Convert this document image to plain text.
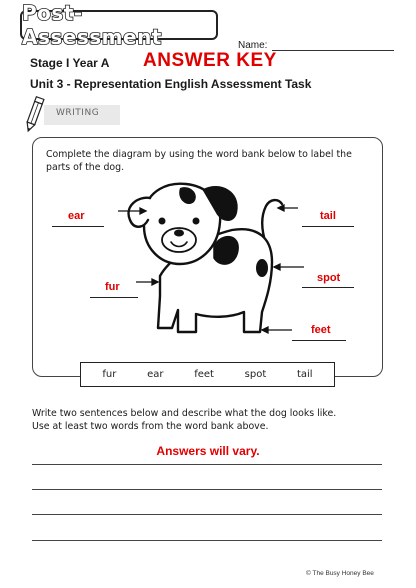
Post-Assessment	Name:
Stage I Year A ANSWER KEY
Unit 3 - Representation English Assessment Task
WRITING
Complete the diagram by using the word bank below to label the parts of the dog.
ear	tail
fur
spot
feet
fur	ear	feet	spot	tail
Write two sentences below and describe what the dog looks like.
Use at least two words from the word bank above.
Answers will vary.
© The Busy Honey Bee
